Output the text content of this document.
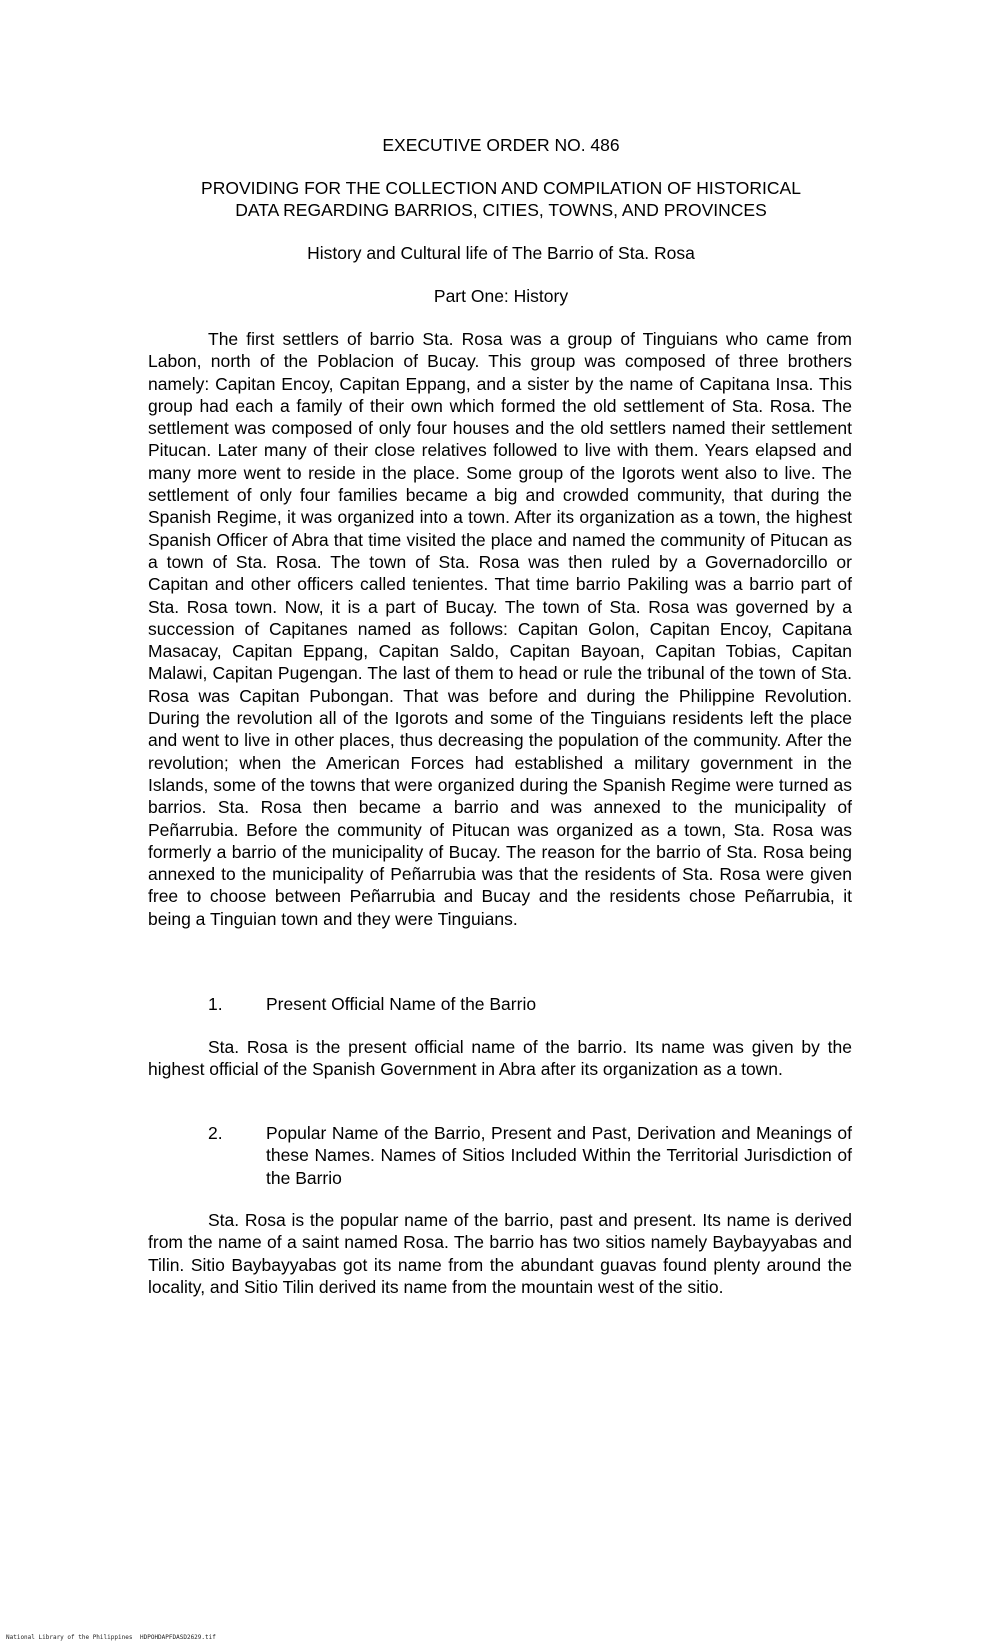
EXECUTIVE ORDER NO. 486
PROVIDING FOR THE COLLECTION AND COMPILATION OF HISTORICAL
DATA REGARDING BARRIOS, CITIES, TOWNS, AND PROVINCES
History and Cultural life of The Barrio of Sta. Rosa
Part One: History

The first settlers of barrio Sta. Rosa was a group of Tinguians who came from Labon, north of the Poblacion of Bucay. This group was composed of three brothers namely: Capitan Encoy, Capitan Eppang, and a sister by the name of Capitana Insa. This group had each a family of their own which formed the old settlement of Sta. Rosa. The settlement was composed of only four houses and the old settlers named their settlement Pitucan. Later many of their close relatives followed to live with them. Years elapsed and many more went to reside in the place. Some group of the Igorots went also to live. The settlement of only four families became a big and crowded community, that during the Spanish Regime, it was organized into a town. After its organization as a town, the highest Spanish Officer of Abra that time visited the place and named the community of Pitucan as a town of Sta. Rosa. The town of Sta. Rosa was then ruled by a Governadorcillo or Capitan and other officers called tenientes. That time barrio Pakiling was a barrio part of Sta. Rosa town. Now, it is a part of Bucay. The town of Sta. Rosa was governed by a succession of Capitanes named as follows: Capitan Golon, Capitan Encoy, Capitana Masacay, Capitan Eppang, Capitan Saldo, Capitan Bayoan, Capitan Tobias, Capitan Malawi, Capitan Pugengan. The last of them to head or rule the tribunal of the town of Sta. Rosa was Capitan Pubongan. That was before and during the Philippine Revolution. During the revolution all of the Igorots and some of the Tinguians residents left the place and went to live in other places, thus decreasing the population of the community. After the revolution; when the American Forces had established a military government in the Islands, some of the towns that were organized during the Spanish Regime were turned as barrios. Sta. Rosa then became a barrio and was annexed to the municipality of Peñarrubia. Before the community of Pitucan was organized as a town, Sta. Rosa was formerly a barrio of the municipality of Bucay. The reason for the barrio of Sta. Rosa being annexed to the municipality of Peñarrubia was that the residents of Sta. Rosa were given free to choose between Peñarrubia and Bucay and the residents chose Peñarrubia, it being a Tinguian town and they were Tinguians.

1. Present Official Name of the Barrio

Sta. Rosa is the present official name of the barrio. Its name was given by the highest official of the Spanish Government in Abra after its organization as a town.

2. Popular Name of the Barrio, Present and Past, Derivation and Meanings of these Names. Names of Sitios Included Within the Territorial Jurisdiction of the Barrio

Sta. Rosa is the popular name of the barrio, past and present. Its name is derived from the name of a saint named Rosa. The barrio has two sitios namely Baybayyabas and Tilin. Sitio Baybayyabas got its name from the abundant guavas found plenty around the locality, and Sitio Tilin derived its name from the mountain west of the sitio.

National Library of the Philippines HDPOHDAPFDASD2629.tif
